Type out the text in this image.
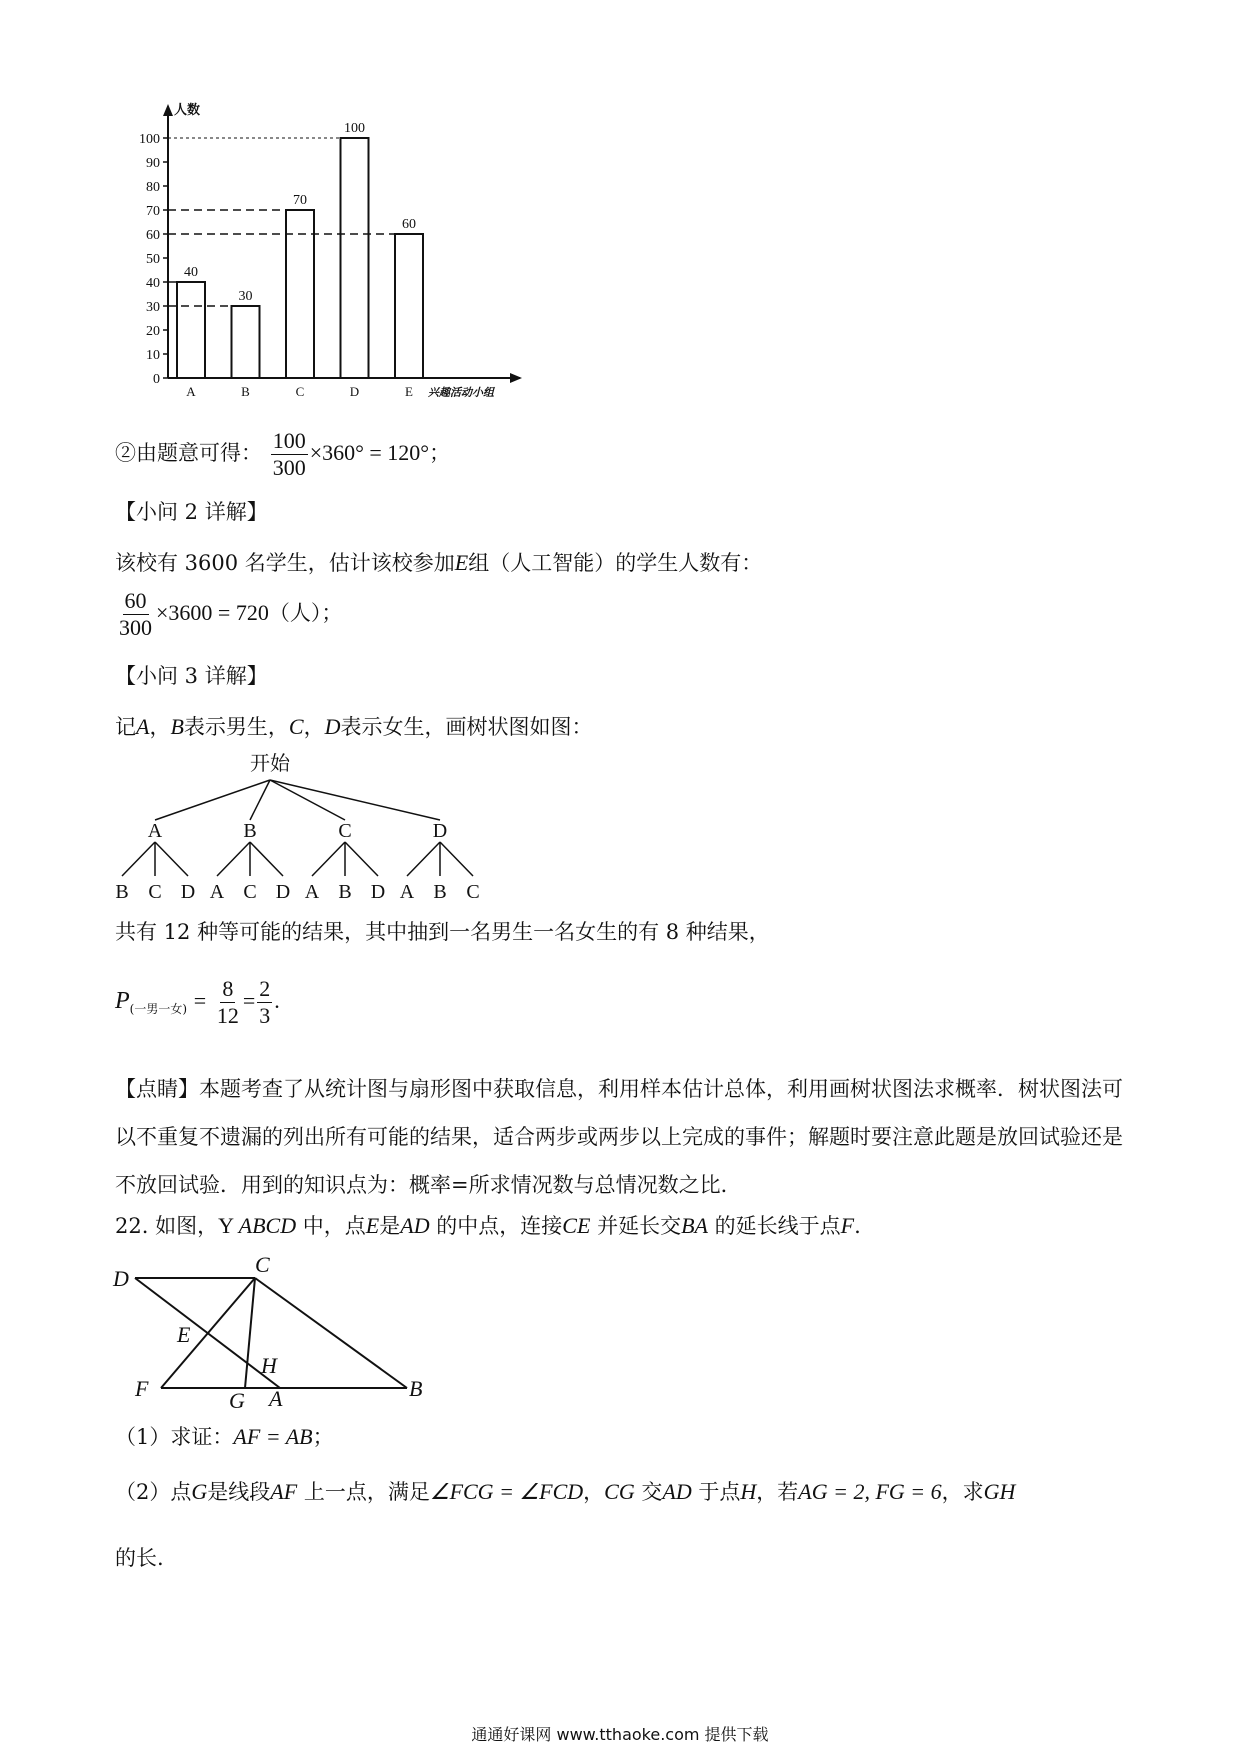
人数
兴趣活动小组
0
10
20
30
40
50
60
70
80
90
100
40
A
30
B
70
C
100
D
60
E
②由题意可得： $\frac{100}{300} \times 360^\circ = 120^\circ$；
【小问 2 详解】
该校有 3600 名学生，估计该校参加E组（人工智能）的学生人数有：
$\frac{60}{300} \times 3600 = 720$（人）；
【小问 3 详解】
记A，B表示男生，C，D表示女生，画树状图如图：
开始
A
B C D
B
A C D
C
A B D
D
A B C
共有 12 种等可能的结果，其中抽到一名男生一名女生的有 8 种结果，
$P_{(一男一女)} = \frac{8}{12} = \frac{2}{3}$ .
【点睛】本题考查了从统计图与扇形图中获取信息，利用样本估计总体，利用画树状图法求概率．树状图法可以不重复不遗漏的列出所有可能的结果，适合两步或两步以上完成的事件；解题时要注意此题是放回试验还是不放回试验．用到的知识点为：概率=所求情况数与总情况数之比．
22. 如图，Y ABCD 中，点E是AD 的中点，连接CE 并延长交BA 的延长线于点F.
D
C
E
H
F	G A	B
（1）求证：AF = AB；
（2）点G是线段AF 上一点，满足∠FCG = ∠FCD，CG 交AD 于点H，若AG = 2, FG = 6，求GH
的长.
通通好课网 www.tthaoke.com 提供下载
